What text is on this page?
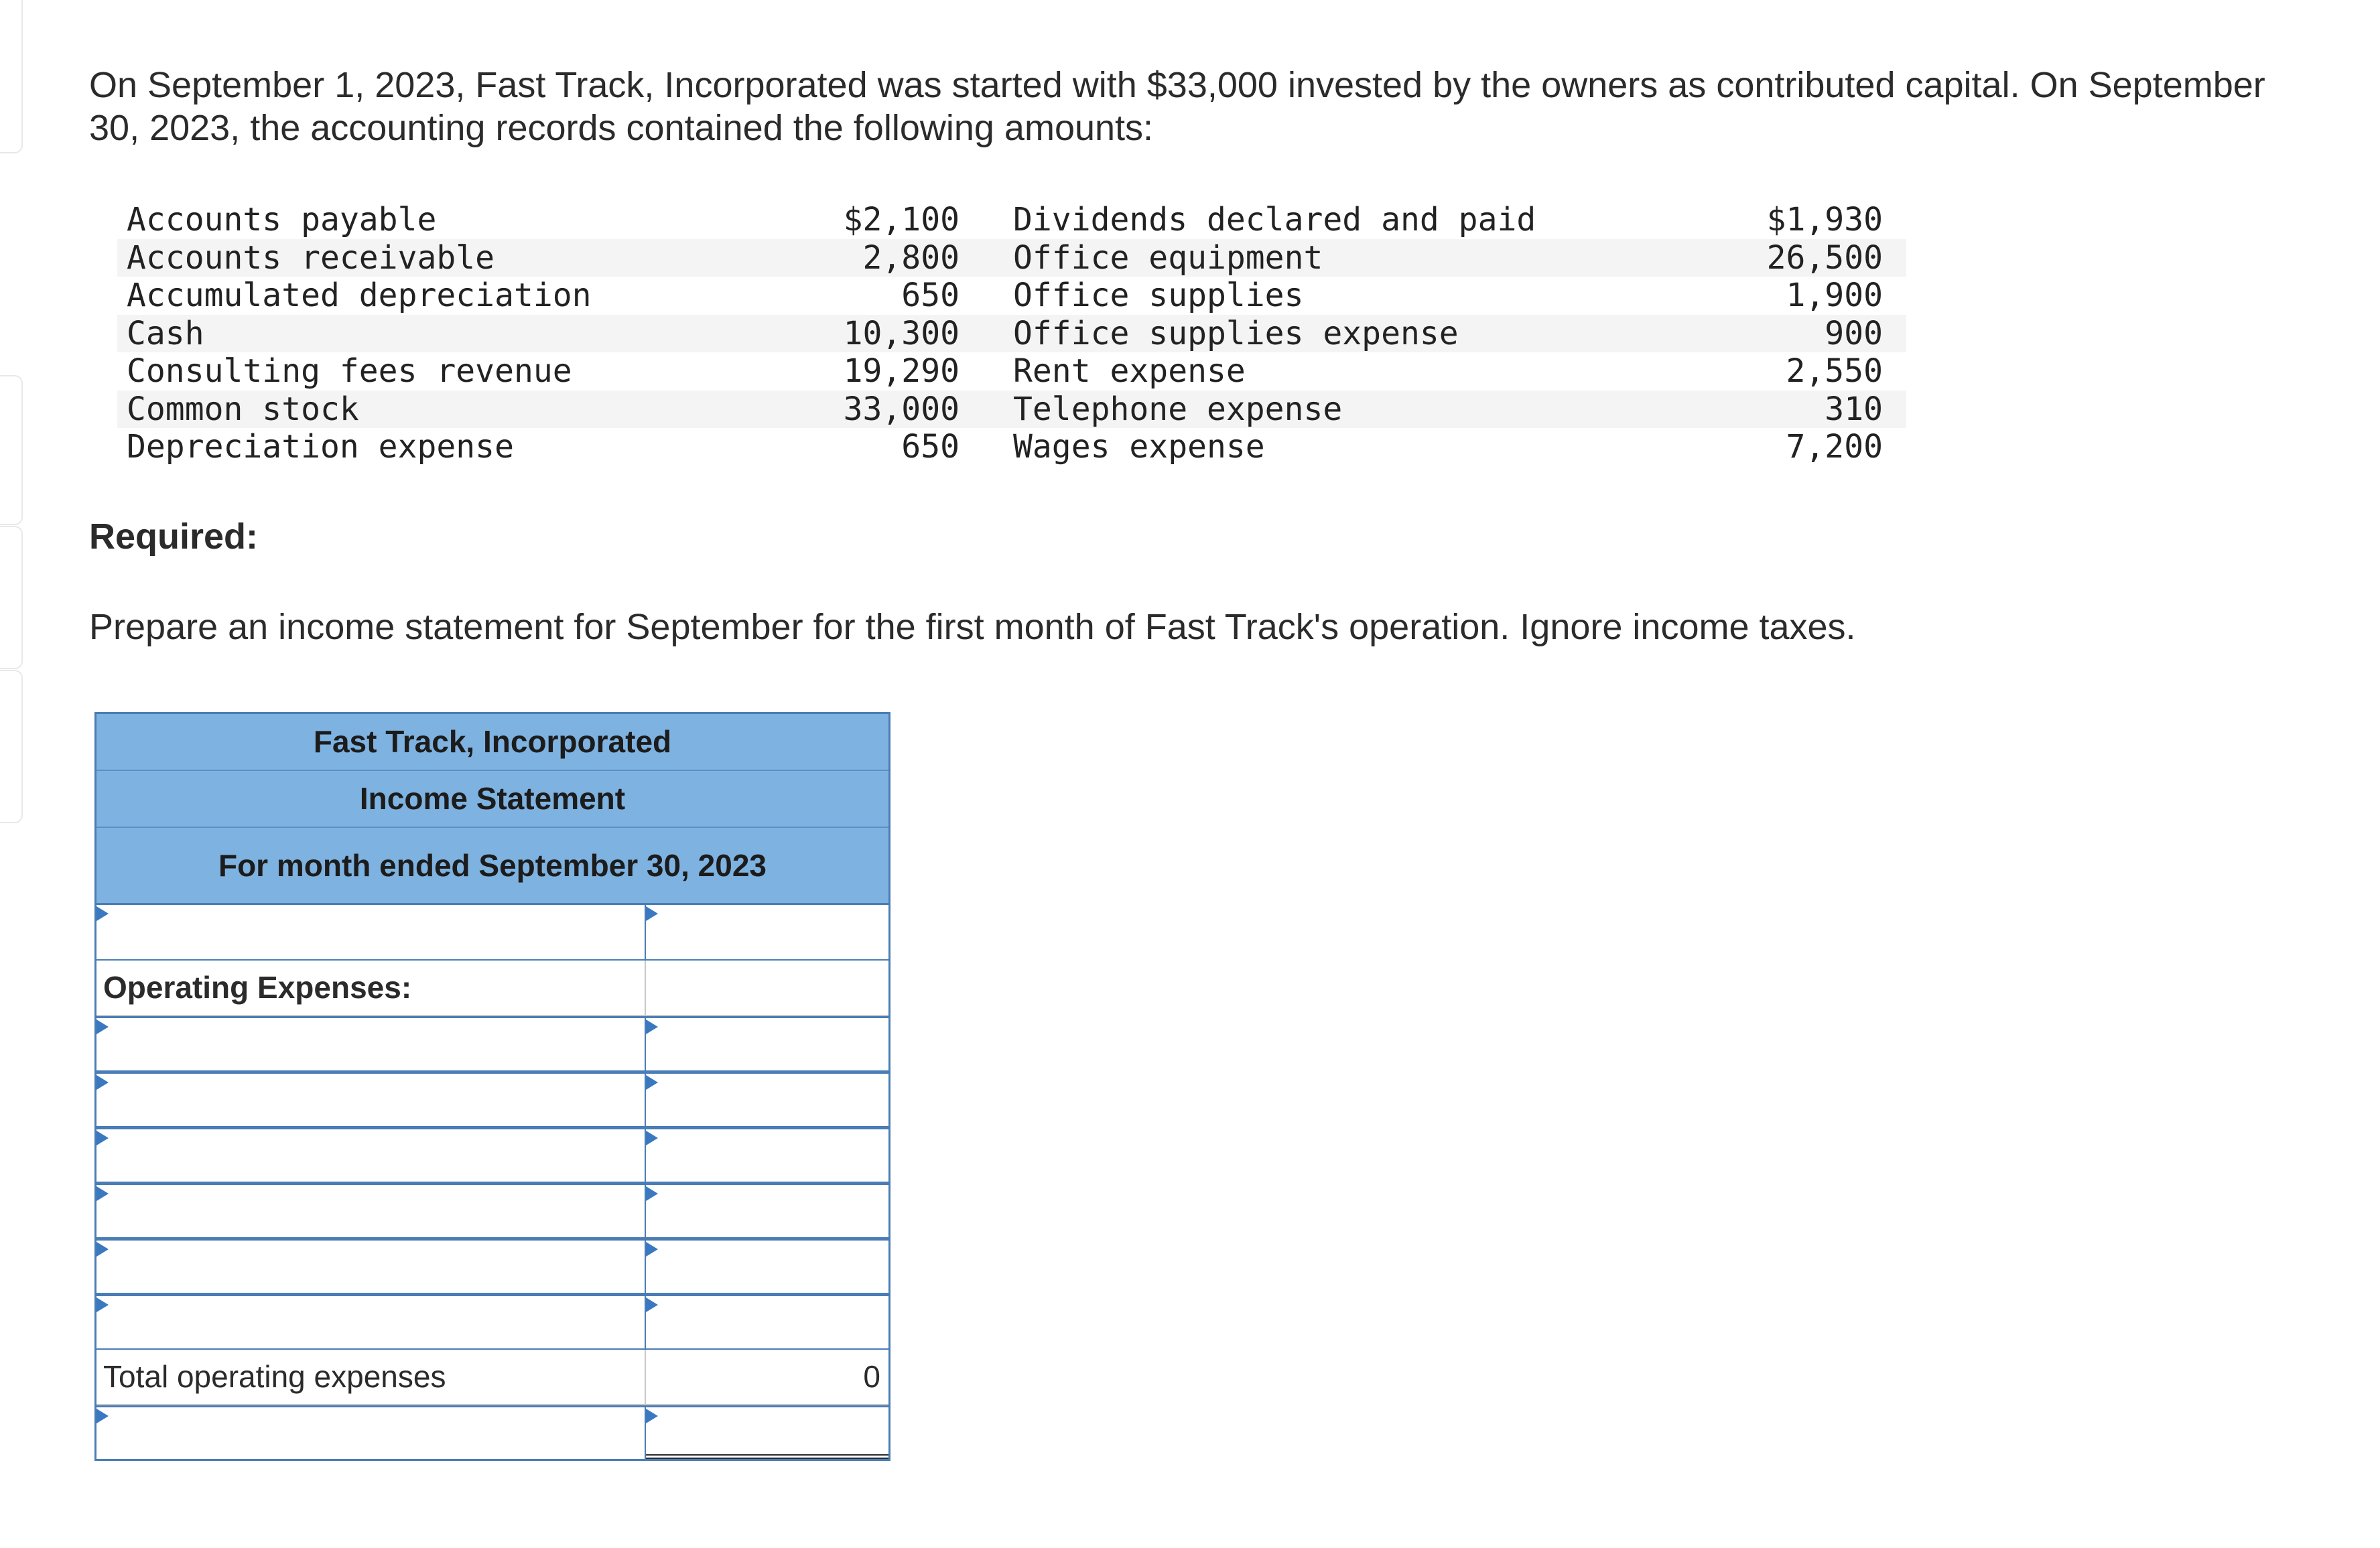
On September 1, 2023, Fast Track, Incorporated was started with $33,000 invested by the owners as contributed capital. On September 30, 2023, the accounting records contained the following amounts:

Accounts payable	$2,100	Dividends declared and paid	$1,930
Accounts receivable	2,800	Office equipment	26,500
Accumulated depreciation	650	Office supplies	1,900
Cash	10,300	Office supplies expense	900
Consulting fees revenue	19,290	Rent expense	2,550
Common stock	33,000	Telephone expense	310
Depreciation expense	650	Wages expense	7,200

Required:

Prepare an income statement for September for the first month of Fast Track's operation. Ignore income taxes.

Fast Track, Incorporated
Income Statement
For month ended September 30, 2023
Operating Expenses:
Total operating expenses	0
